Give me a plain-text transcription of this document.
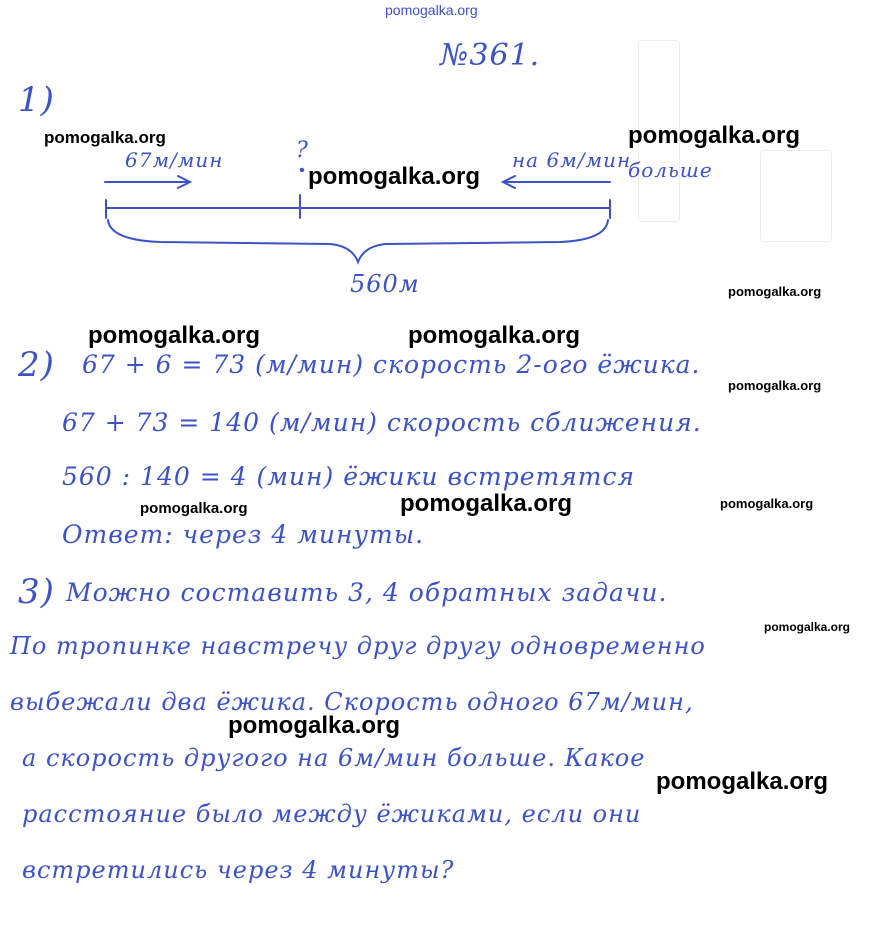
pomogalka.org
№361.
1)
67м/мин	?	на 6м/мин
больше
560м
2) 67 + 6 = 73 (м/мин) скорость 2-ого ёжика.
67 + 73 = 140 (м/мин) скорость сближения.
560 : 140 = 4 (мин) ёжики встретятся
Ответ: через 4 минуты.
3) Можно составить 3, 4 обратных задачи.
По тропинке навстречу друг другу одновременно
выбежали два ёжика. Скорость одного 67м/мин,
а скорость другого на 6м/мин больше. Какое
расстояние было между ёжиками, если они
встретились через 4 минуты?
pomogalka.org	pomogalka.org
pomogalka.org
pomogalka.org
pomogalka.org	pomogalka.org
pomogalka.org
pomogalka.org	pomogalka.org	pomogalka.org
pomogalka.org
pomogalka.org
pomogalka.org
